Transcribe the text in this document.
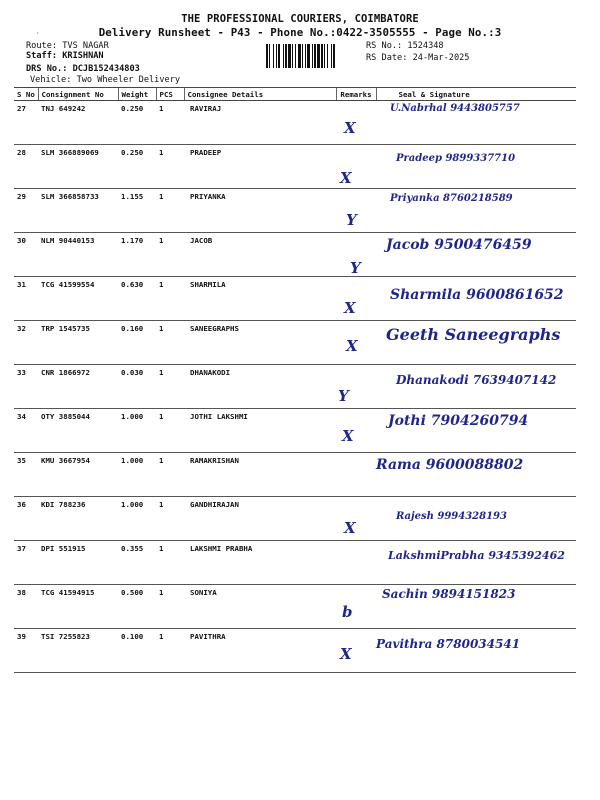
THE PROFESSIONAL COURIERS, COIMBATORE
Delivery Runsheet - P43 - Phone No.:0422-3505555 - Page No.:3
·
Route: TVS NAGAR
Staff: KRISHNAN
DRS No.: DCJB152434803
Vehicle: Two Wheeler Delivery
RS No.: 1524348
RS Date: 24-Mar-2025
S No	Consignment No	Weight	PCS	Consignee Details	Remarks	Seal & Signature
27	TNJ 649242	0.250	1	RAVIRAJ	X	U.Nabrhal 9443805757

28	SLM 366889069	0.250	1	PRADEEP	X	Pradeep 9899337710

29	SLM 366858733	1.155	1	PRIYANKA	Y	Priyanka 8760218589

30	NLM 90440153	1.170	1	JACOB	Y	Jacob 9500476459

31	TCG 41599554	0.630	1	SHARMILA	X	Sharmila 9600861652

32	TRP 1545735	0.160	1	SANEEGRAPHS	X	Geeth Saneegraphs

33	CNR 1866972	0.030	1	DHANAKODI	Y	Dhanakodi 7639407142

34	OTY 3885044	1.000	1	JOTHI LAKSHMI	X	Jothi 7904260794

35	KMU 3667954	1.000	1	RAMAKRISHAN		Rama 9600088802

36	KDI 788236	1.000	1	GANDHIRAJAN	X	Rajesh 9994328193

37	DPI 551915	0.355	1	LAKSHMI PRABHA		LakshmiPrabha 9345392462

38	TCG 41594915	0.500	1	SONIYA	b	Sachin 9894151823

39	TSI 7255823	0.100	1	PAVITHRA	X	Pavithra 8780034541
